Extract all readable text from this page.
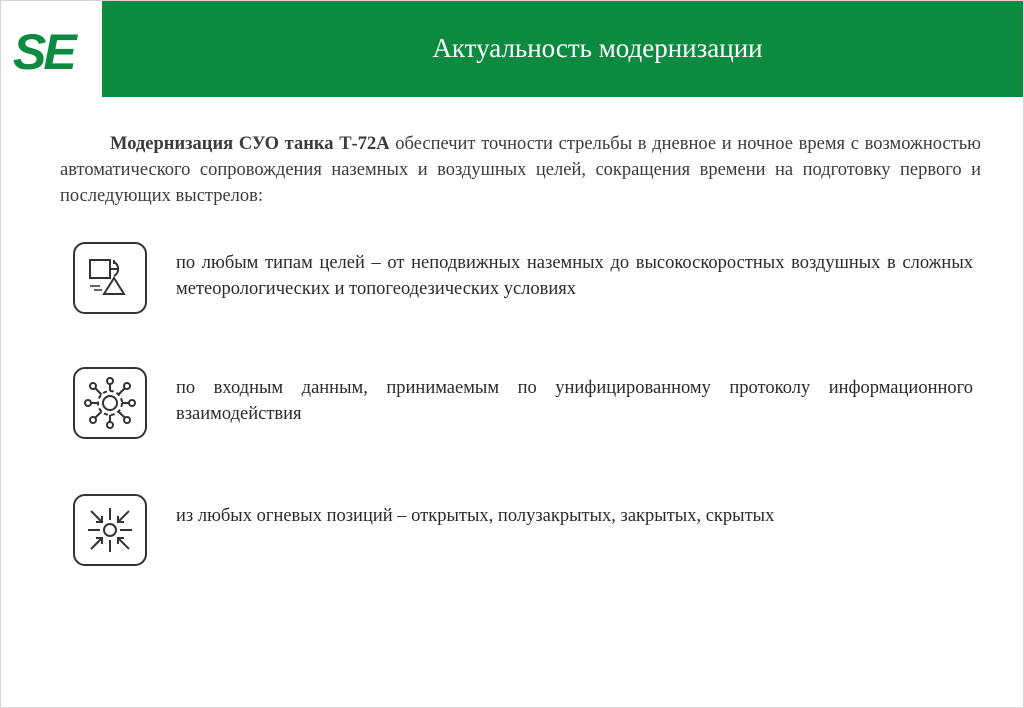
SE	Актуальность модернизации
Модернизация СУО танка Т-72А обеспечит точности стрельбы в дневное и ночное время с возможностью автоматического сопровождения наземных и воздушных целей, сокращения времени на подготовку первого и последующих выстрелов:
по любым типам целей – от неподвижных наземных до высокоскоростных воздушных в сложных метеорологических и топогеодезических условиях
по входным данным, принимаемым по унифицированному протоколу информационного взаимодействия
из любых огневых позиций – открытых, полузакрытых, закрытых, скрытых
